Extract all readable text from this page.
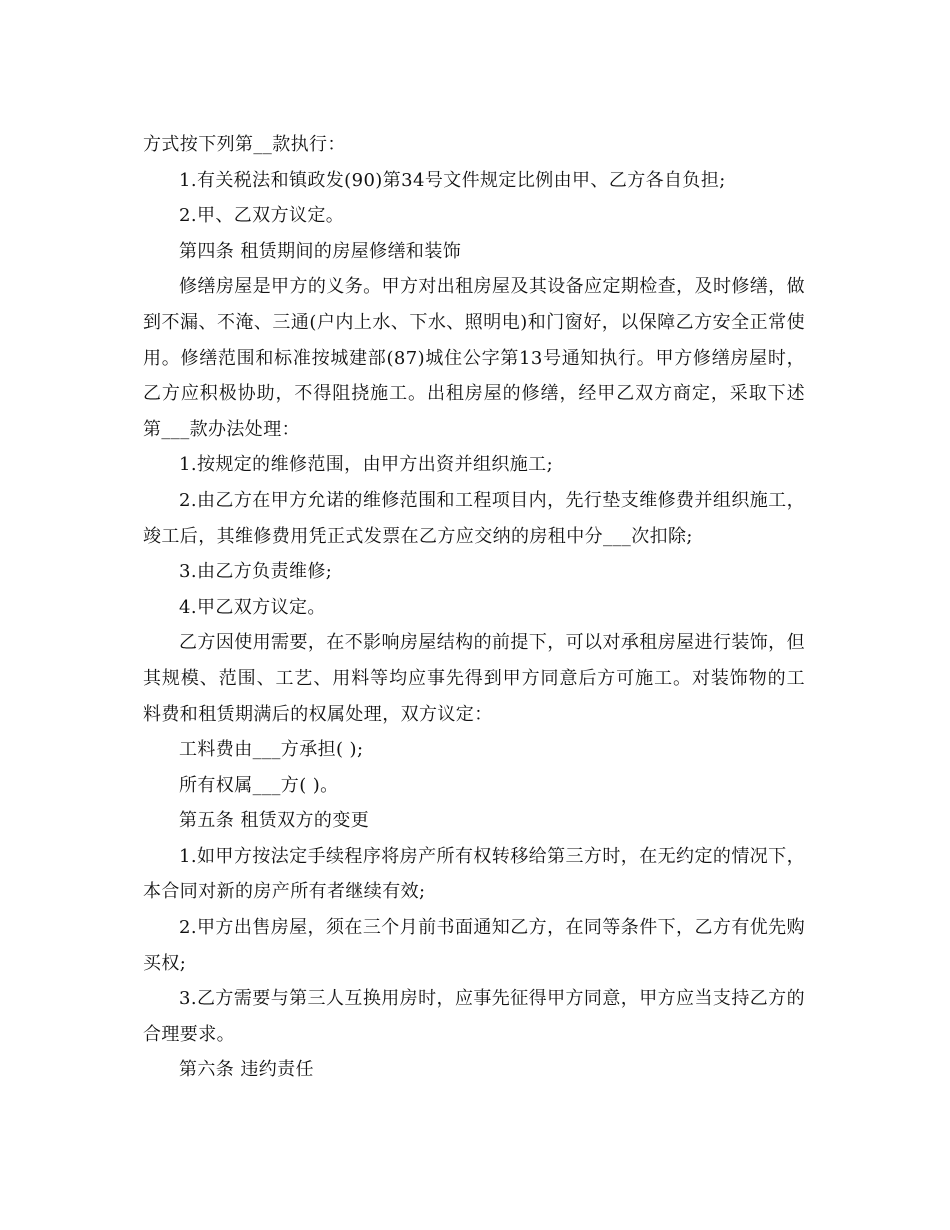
方式按下列第__款执行：

1.有关税法和镇政发(90)第34号文件规定比例由甲、乙方各自负担;

2.甲、乙双方议定。

第四条 租赁期间的房屋修缮和装饰

修缮房屋是甲方的义务。甲方对出租房屋及其设备应定期检查，及时修缮，做到不漏、不淹、三通(户内上水、下水、照明电)和门窗好，以保障乙方安全正常使用。修缮范围和标准按城建部(87)城住公字第13号通知执行。甲方修缮房屋时，乙方应积极协助，不得阻挠施工。出租房屋的修缮，经甲乙双方商定，采取下述第___款办法处理：

1.按规定的维修范围，由甲方出资并组织施工;

2.由乙方在甲方允诺的维修范围和工程项目内，先行垫支维修费并组织施工，竣工后，其维修费用凭正式发票在乙方应交纳的房租中分___次扣除;

3.由乙方负责维修;

4.甲乙双方议定。

乙方因使用需要，在不影响房屋结构的前提下，可以对承租房屋进行装饰，但其规模、范围、工艺、用料等均应事先得到甲方同意后方可施工。对装饰物的工料费和租赁期满后的权属处理，双方议定：

工料费由___方承担( );

所有权属___方( )。

第五条 租赁双方的变更

1.如甲方按法定手续程序将房产所有权转移给第三方时，在无约定的情况下，本合同对新的房产所有者继续有效;

2.甲方出售房屋，须在三个月前书面通知乙方，在同等条件下，乙方有优先购买权;

3.乙方需要与第三人互换用房时，应事先征得甲方同意，甲方应当支持乙方的合理要求。

第六条 违约责任
